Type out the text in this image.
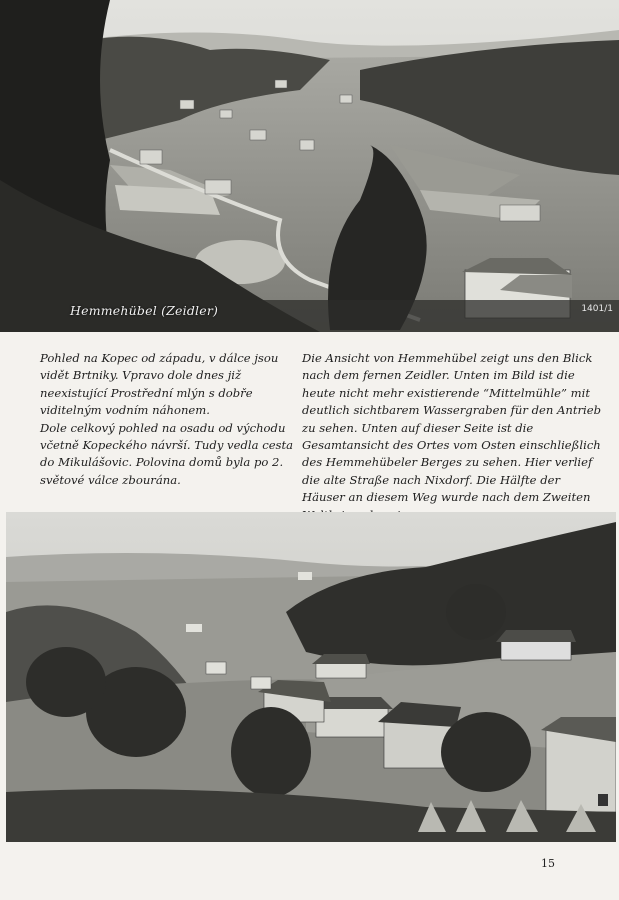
Hemmehübel (Zeidler)	1401/1

Pohled na Kopec od západu, v dálce jsou vidět Brtniky. Vpravo dole dnes již neexistující Prostřední mlýn s dobře viditelným vodním náhonem.

Dole celkový pohled na osadu od východu včetně Kopeckého návrší. Tudy vedla cesta do Mikulášovic. Polovina domů byla po 2. světové válce zbourána.

Die Ansicht von Hemmehübel zeigt uns den Blick nach dem fernen Zeidler. Unten im Bild ist die heute nicht mehr existierende “Mittelmühle” mit deutlich sichtbarem Wassergraben für den Antrieb zu sehen. Unten auf dieser Seite ist die Gesamtansicht des Ortes vom Osten einschließlich des Hemmehübeler Berges zu sehen. Hier verlief die alte Straße nach Nixdorf. Die Hälfte der Häuser an diesem Weg wurde nach dem Zweiten

15
